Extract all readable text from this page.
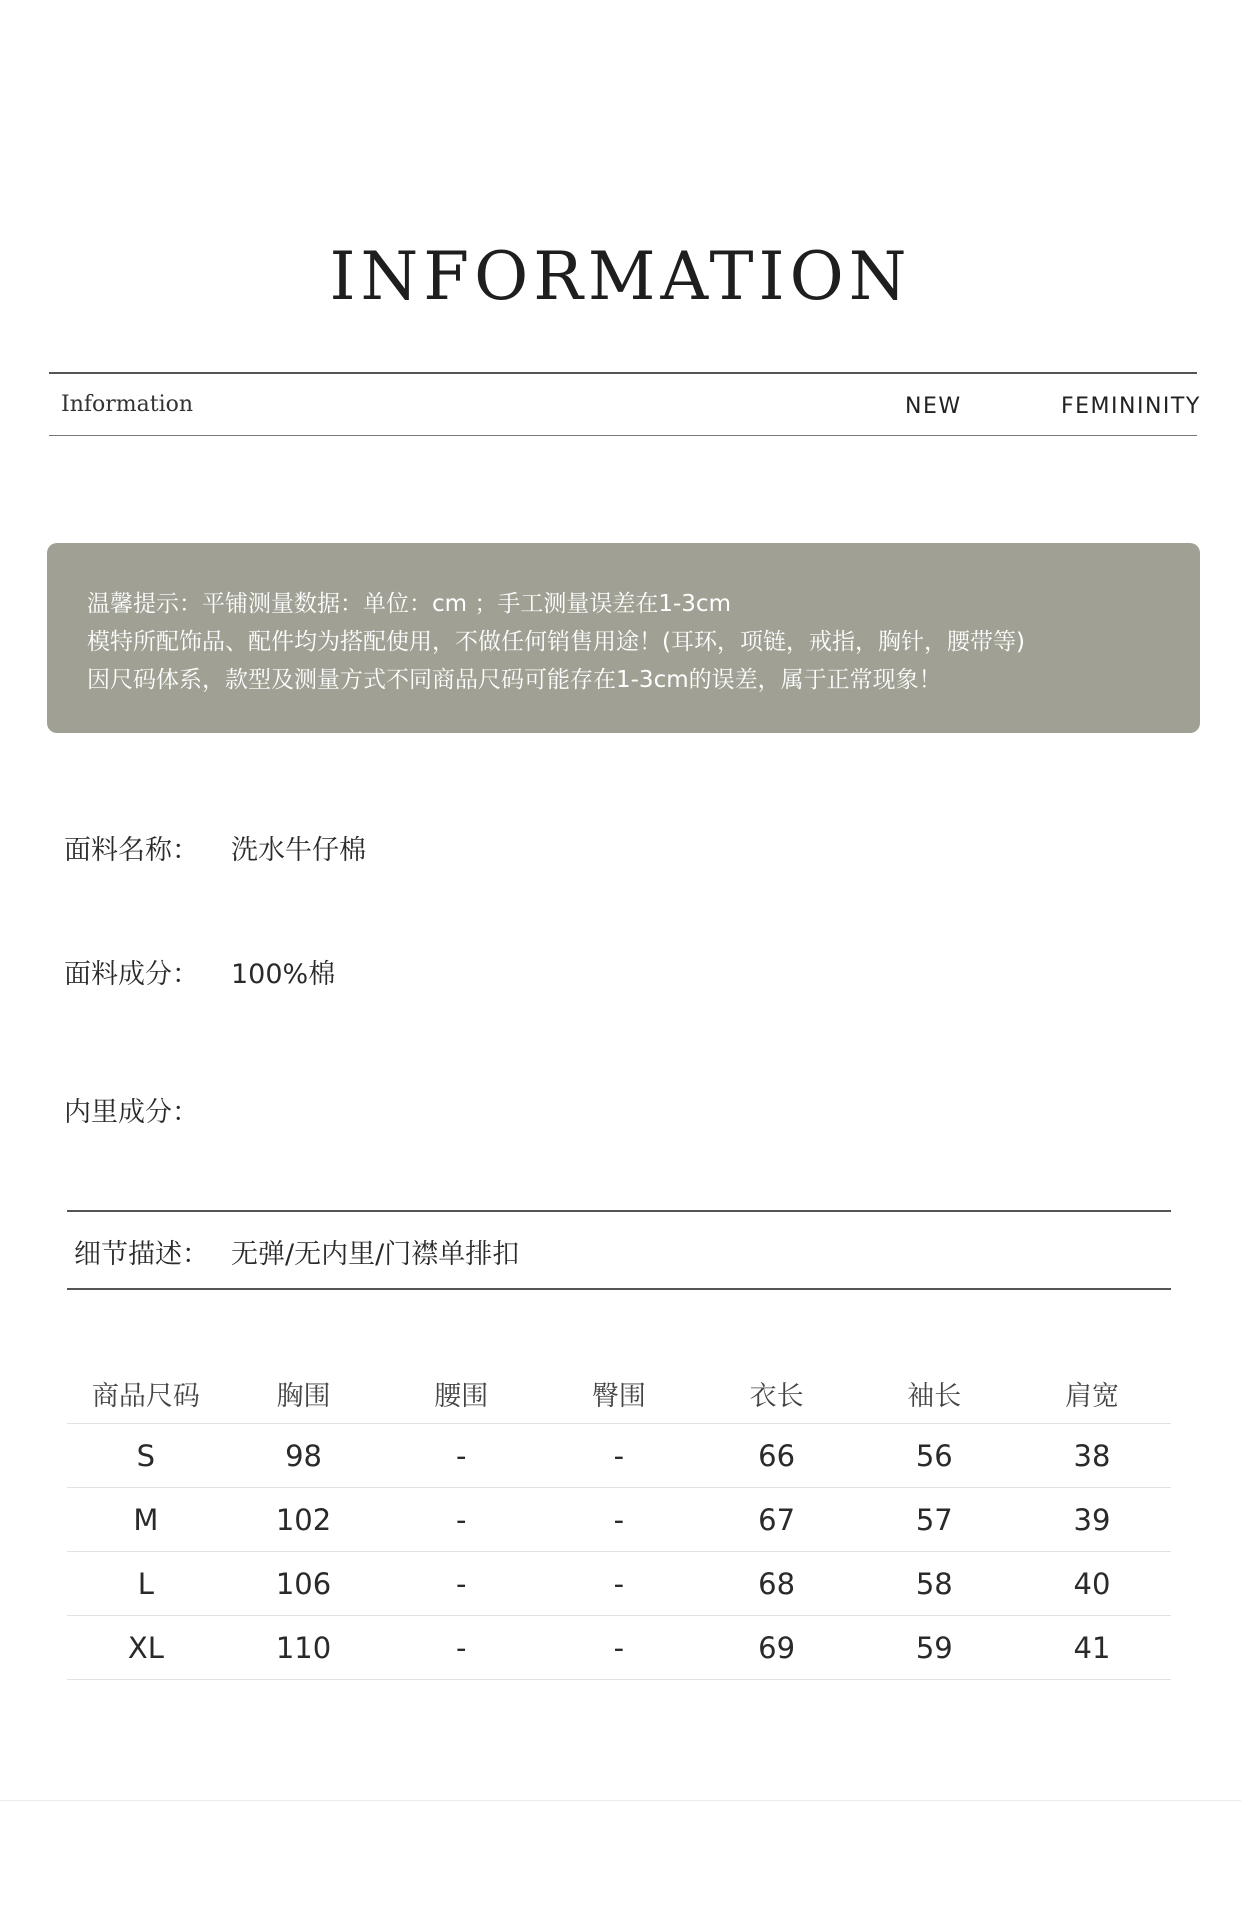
INFORMATION
Information	NEW	FEMININITY
温馨提示：平铺测量数据：单位：cm ；手工测量误差在1-3cm
模特所配饰品、配件均为搭配使用，不做任何销售用途！(耳环，项链，戒指，胸针，腰带等)
因尺码体系，款型及测量方式不同商品尺码可能存在1-3cm的误差，属于正常现象！
面料名称： 洗水牛仔棉
面料成分： 100%棉
内里成分：
细节描述： 无弹/无内里/门襟单排扣
商品尺码	胸围	腰围	臀围	衣长	袖长	肩宽
S	98	-	-	66	56	38
M	102	-	-	67	57	39
L	106	-	-	68	58	40
XL	110	-	-	69	59	41
